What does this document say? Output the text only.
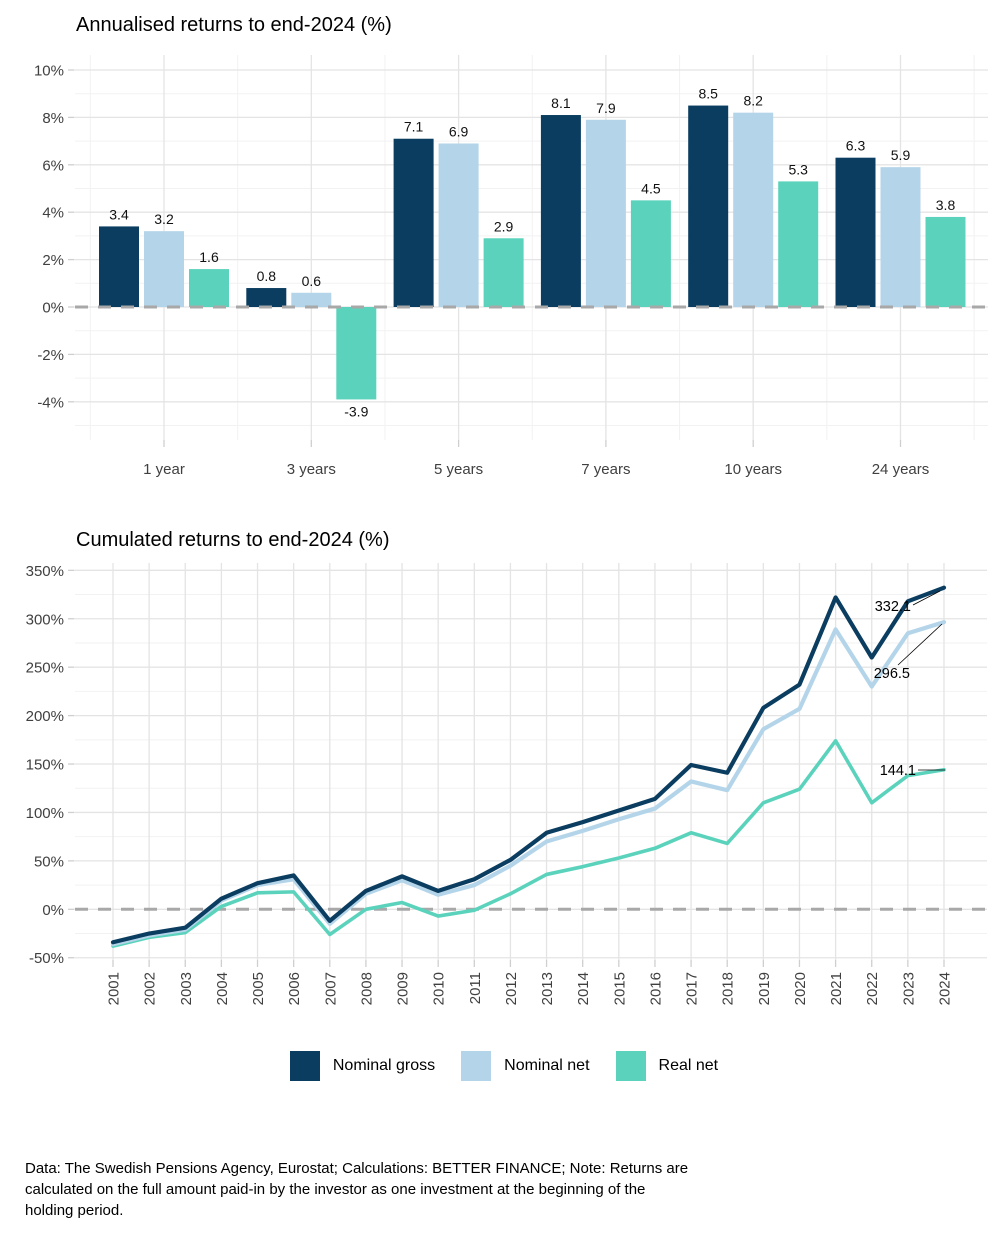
Annualised returns to end-2024 (%)
3.4
0.8
7.1
8.1
8.5
6.3
3.2
0.6
6.9
7.9	8.2
5.9
1.6
-3.9
2.9
4.5
5.3
3.8
-4%
-2%
0%
2%
4%
6%
8%
10%
1 year	3 years	5 years	7 years	10 years	24 years
Cumulated returns to end-2024 (%)
332.1
296.5
144.1
-50%
0%
50%
100%
150%
200%
250%
300%
350%
2001 2002 2003 2004 2005 2006 2007 2008 2009 2010 2011 2012 2013 2014 2015 2016 2017 2018 2019 2020 2021 2022 2023 2024
Nominal gross	Nominal net	Real net

Data: The Swedish Pensions Agency, Eurostat; Calculations: BETTER FINANCE; Note: Returns are
calculated on the full amount paid-in by the investor as one investment at the beginning of the
holding period.
